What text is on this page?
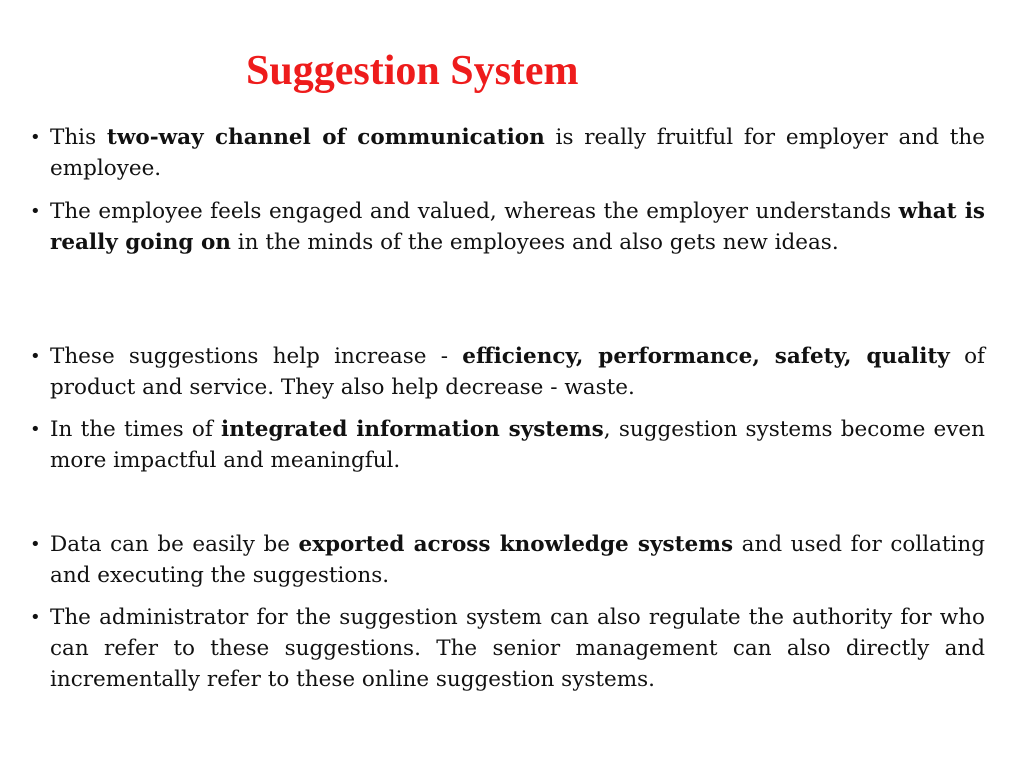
Suggestion System

• This two-way channel of communication is really fruitful for employer and the employee.

• The employee feels engaged and valued, whereas the employer understands what is really going on in the minds of the employees and also gets new ideas.

• These suggestions help increase - efficiency, performance, safety, quality of product and service. They also help decrease - waste.

• In the times of integrated information systems, suggestion systems become even more impactful and meaningful.

• Data can be easily be exported across knowledge systems and used for collating and executing the suggestions.

• The administrator for the suggestion system can also regulate the authority for who can refer to these suggestions. The senior management can also directly and incrementally refer to these online suggestion systems.
